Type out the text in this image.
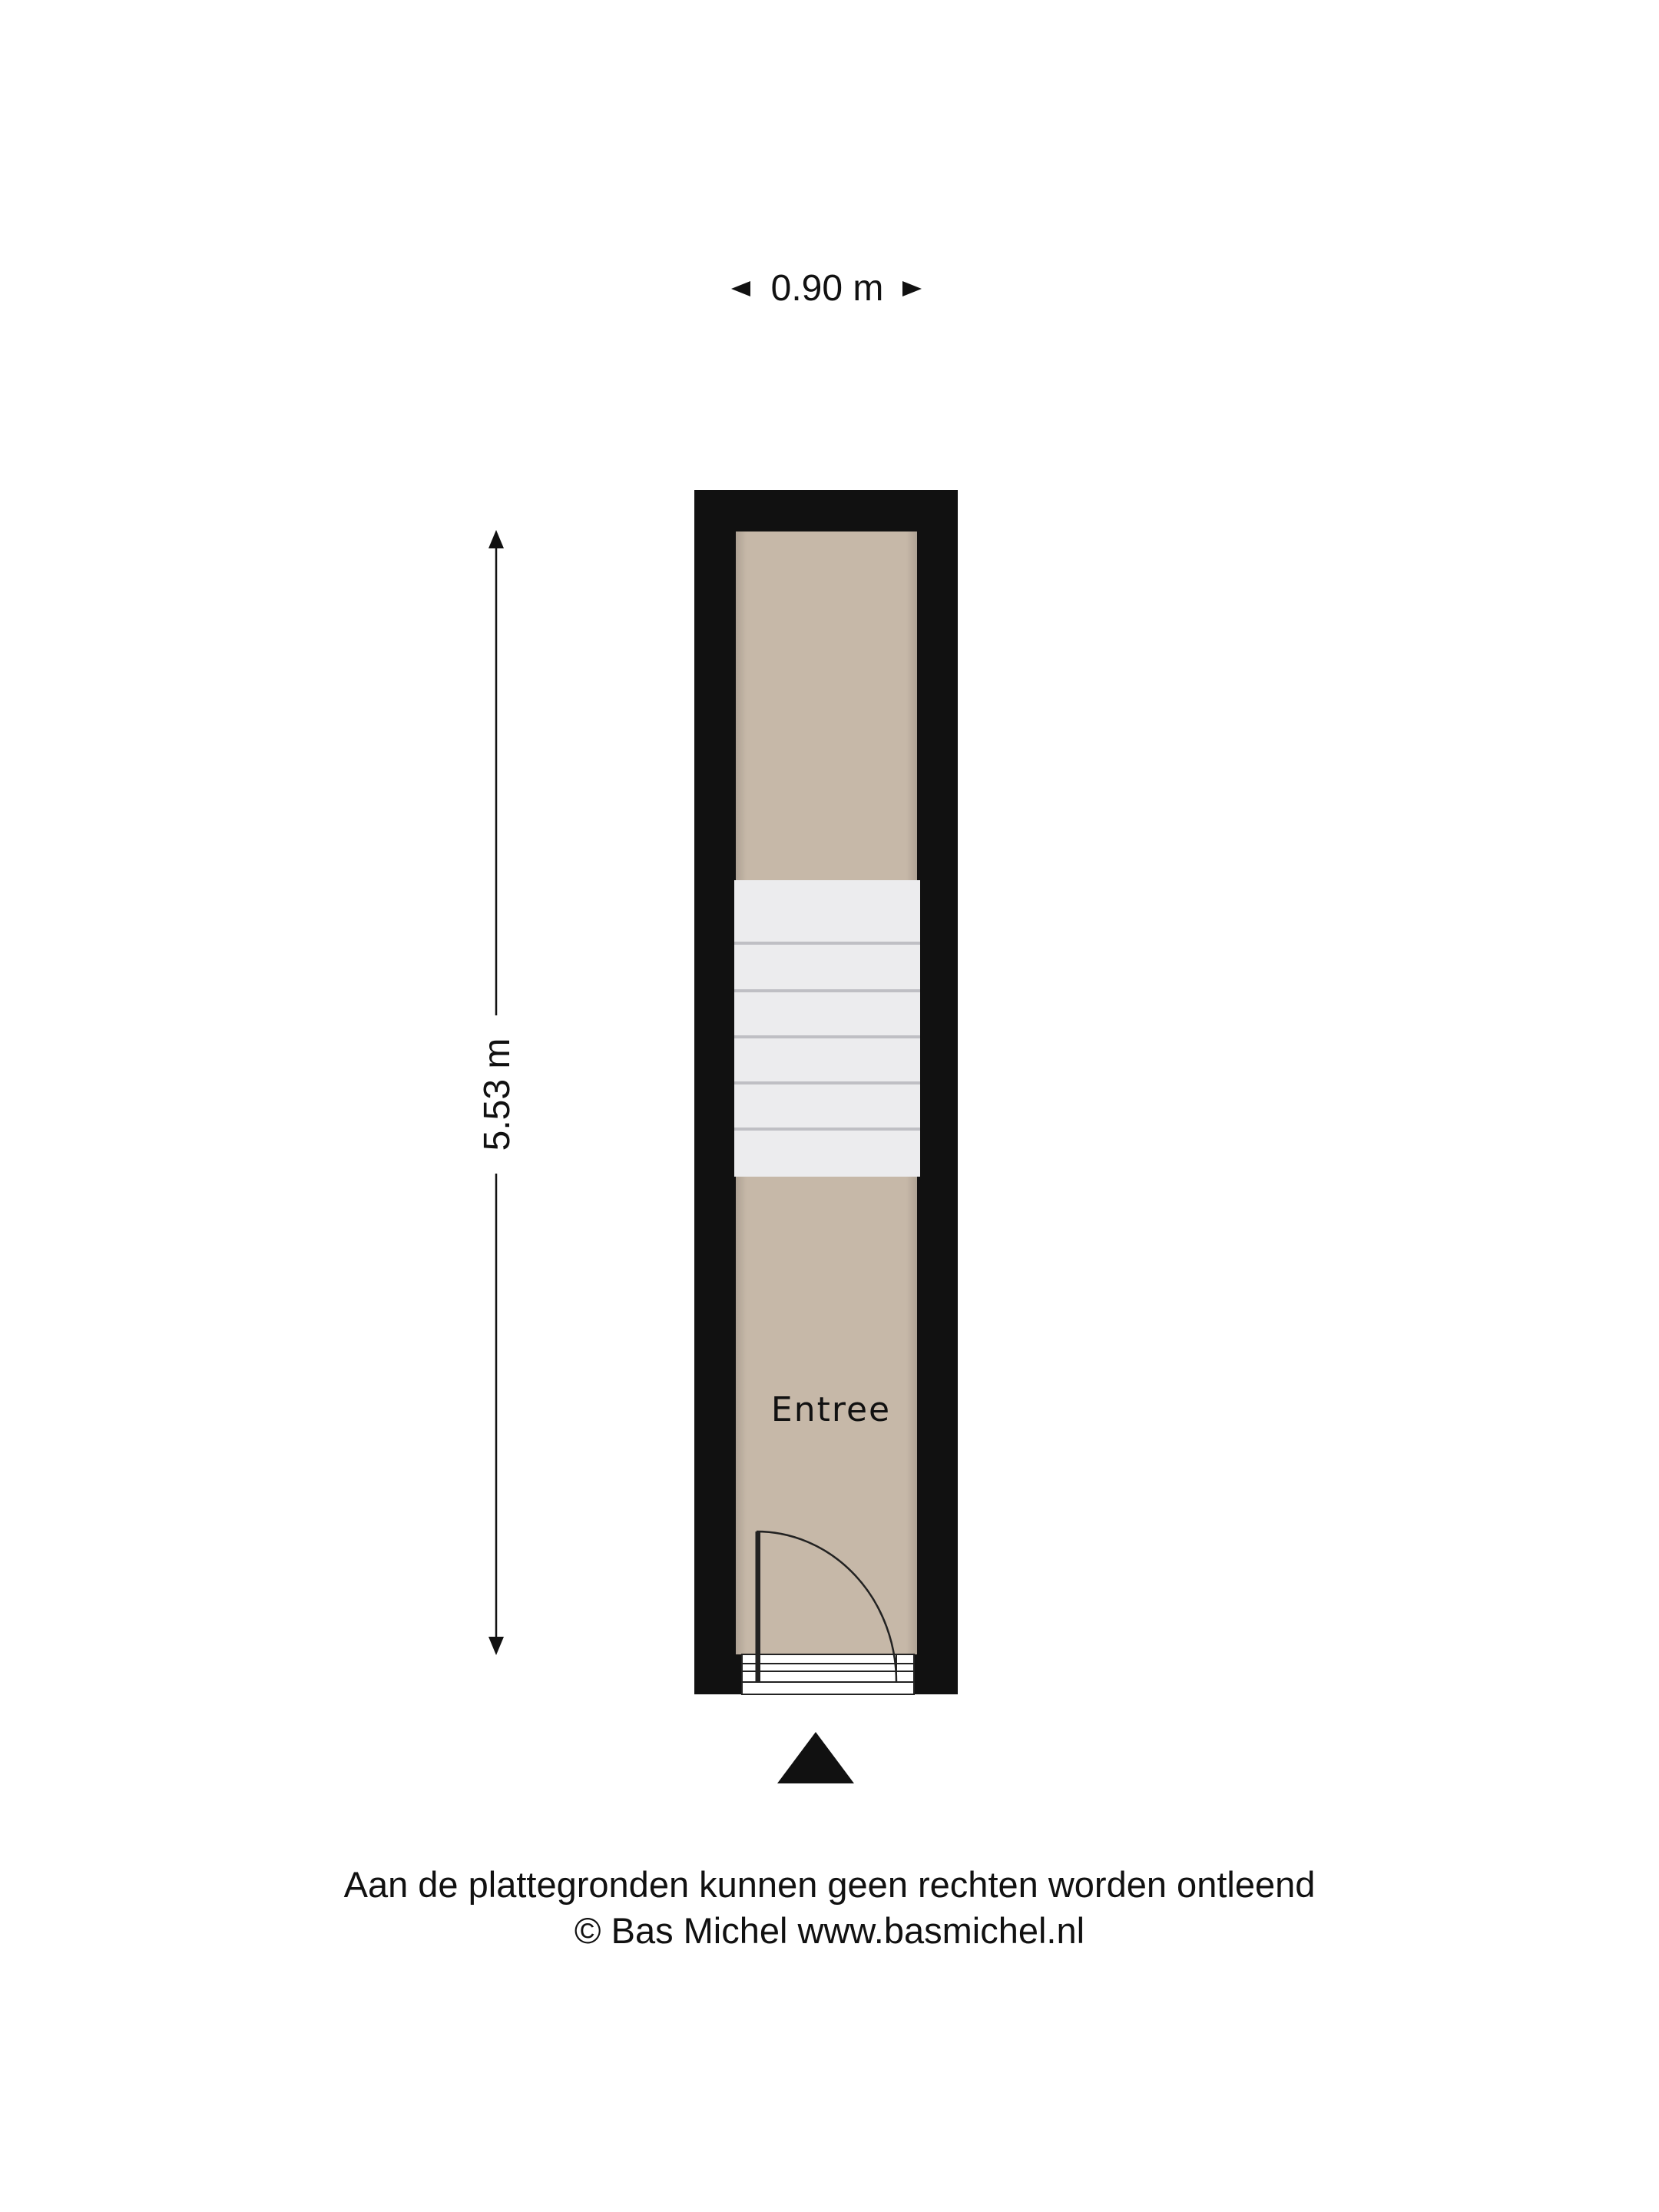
0.90 m
5.53 m
Entree
Aan de plattegronden kunnen geen rechten worden ontleend
© Bas Michel www.basmichel.nl
